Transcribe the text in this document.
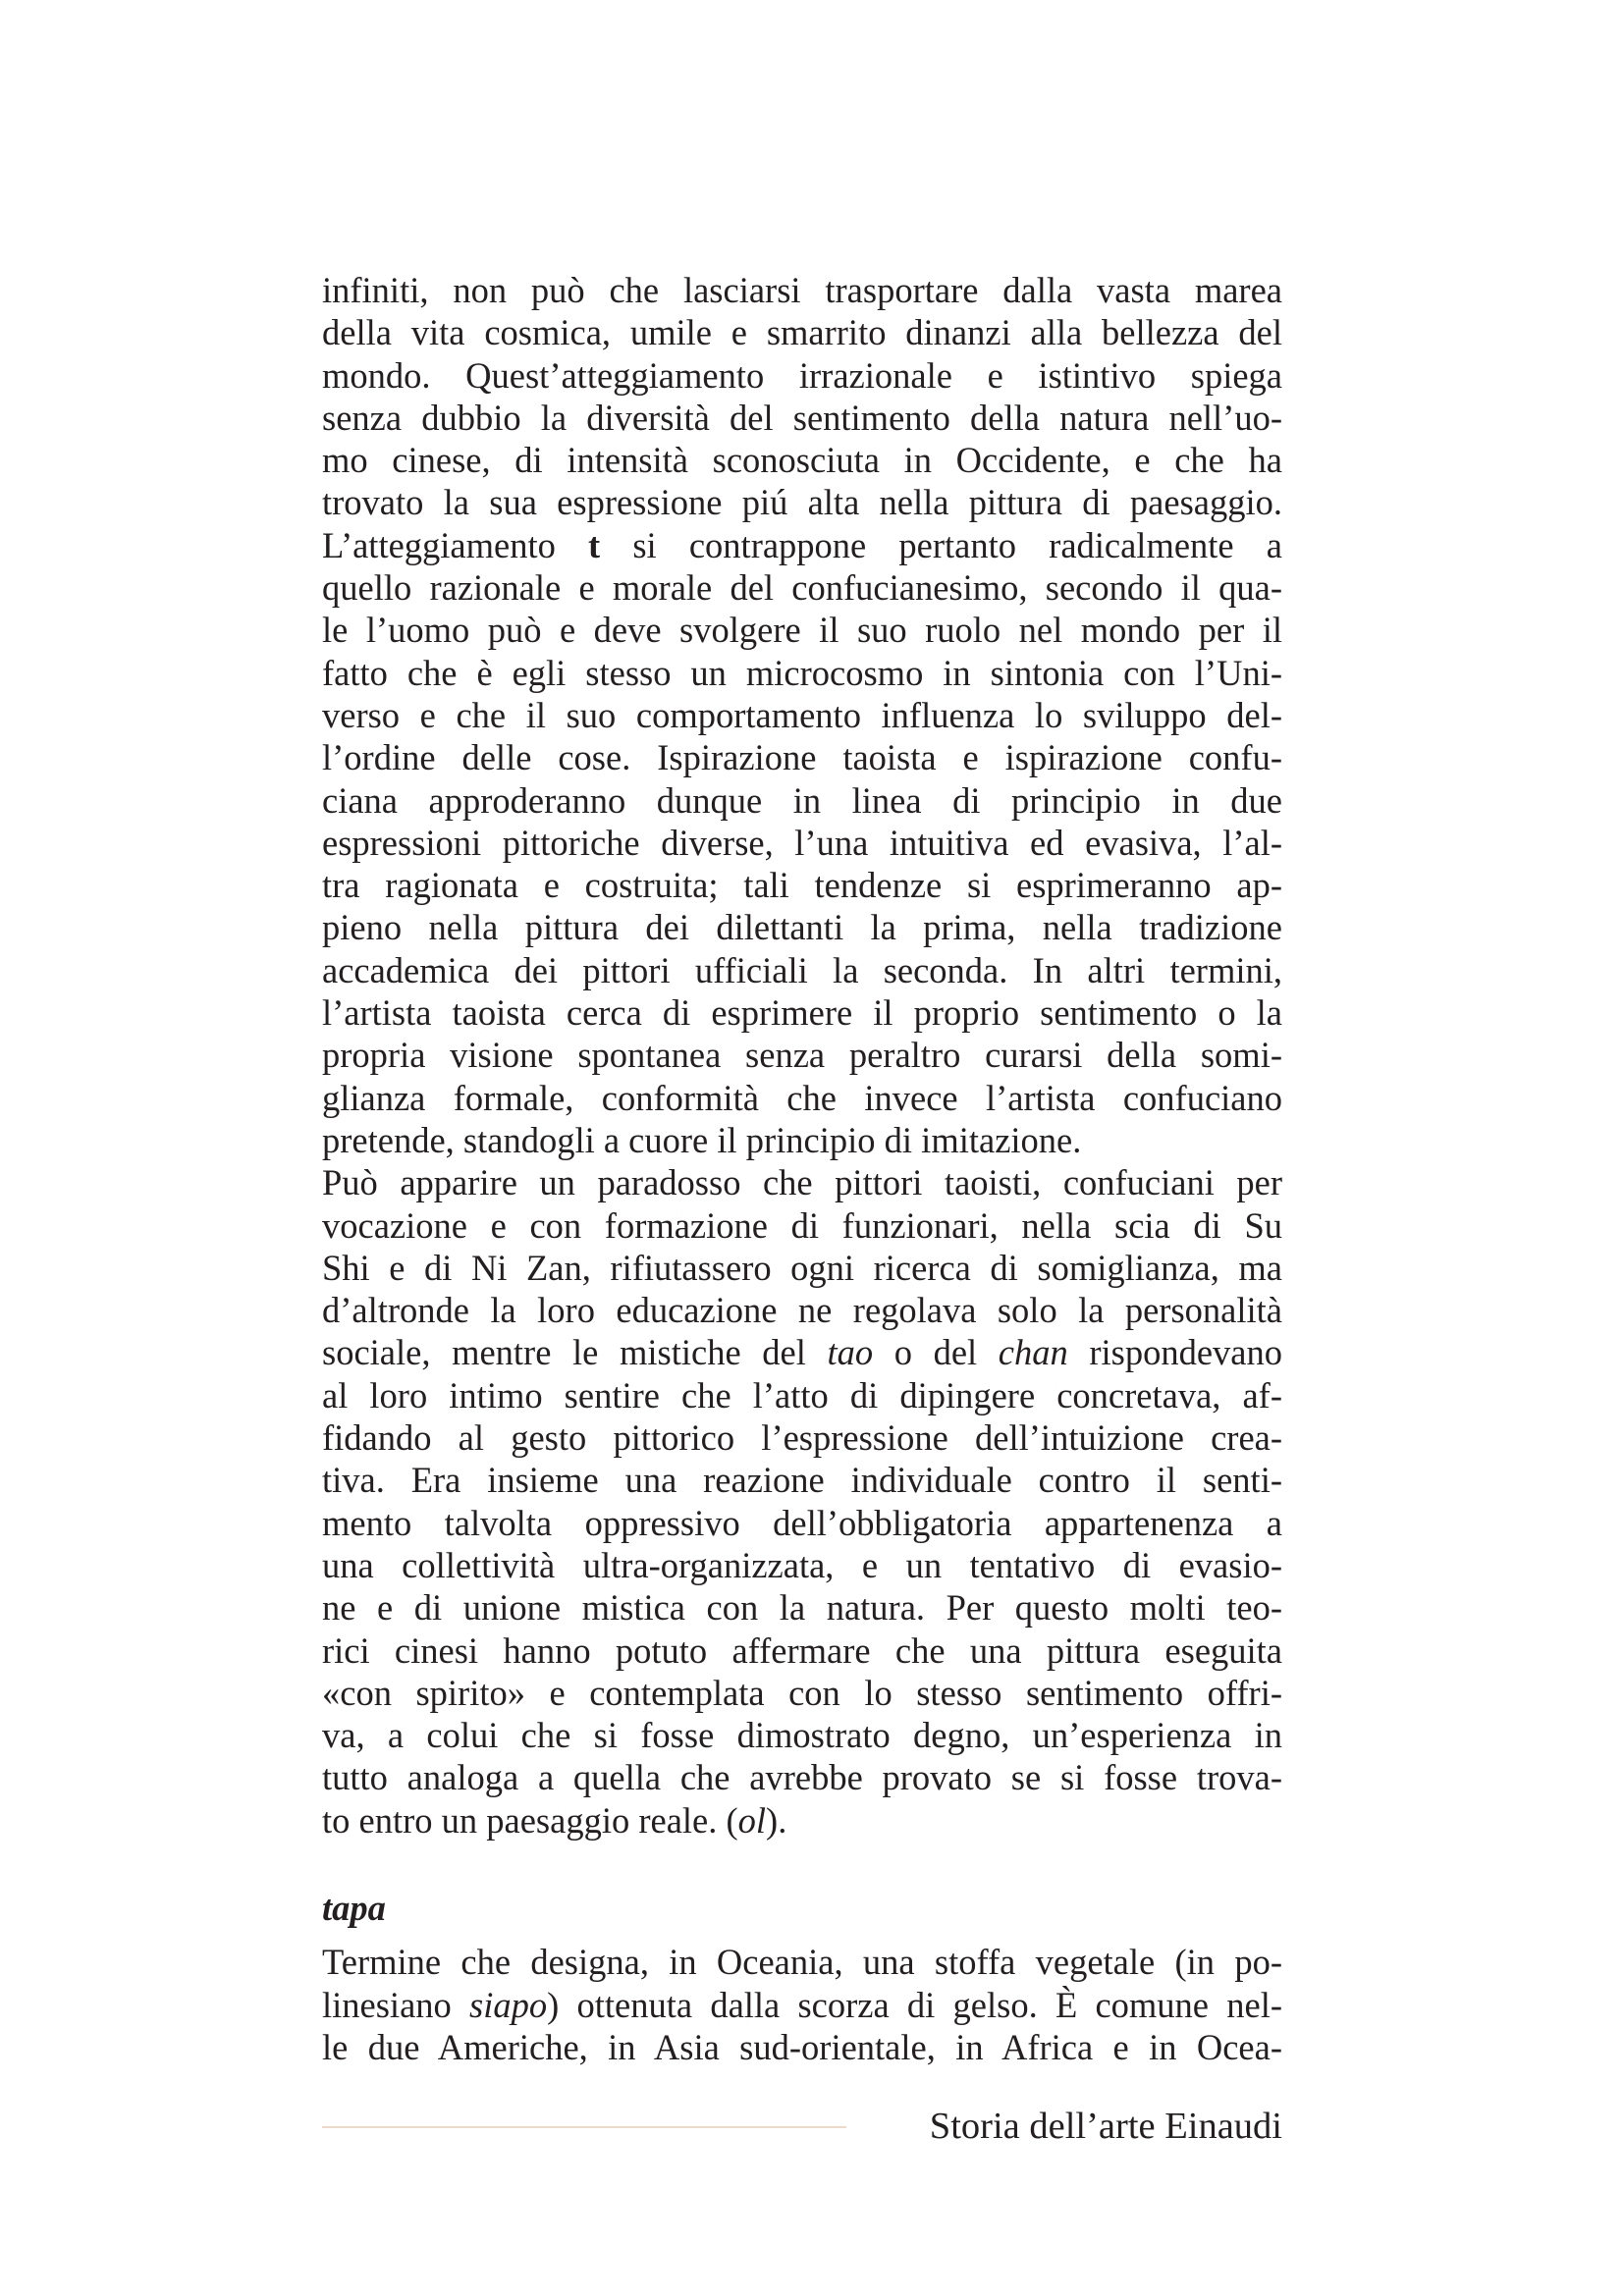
infiniti, non può che lasciarsi trasportare dalla vasta marea
della vita cosmica, umile e smarrito dinanzi alla bellezza del
mondo. Quest’atteggiamento irrazionale e istintivo spiega
senza dubbio la diversità del sentimento della natura nell’uo-
mo cinese, di intensità sconosciuta in Occidente, e che ha
trovato la sua espressione piú alta nella pittura di paesaggio.
L’atteggiamento t si contrappone pertanto radicalmente a
quello razionale e morale del confucianesimo, secondo il qua-
le l’uomo può e deve svolgere il suo ruolo nel mondo per il
fatto che è egli stesso un microcosmo in sintonia con l’Uni-
verso e che il suo comportamento influenza lo sviluppo del-
l’ordine delle cose. Ispirazione taoista e ispirazione confu-
ciana approderanno dunque in linea di principio in due
espressioni pittoriche diverse, l’una intuitiva ed evasiva, l’al-
tra ragionata e costruita; tali tendenze si esprimeranno ap-
pieno nella pittura dei dilettanti la prima, nella tradizione
accademica dei pittori ufficiali la seconda. In altri termini,
l’artista taoista cerca di esprimere il proprio sentimento o la
propria visione spontanea senza peraltro curarsi della somi-
glianza formale, conformità che invece l’artista confuciano
pretende, standogli a cuore il principio di imitazione.
Può apparire un paradosso che pittori taoisti, confuciani per
vocazione e con formazione di funzionari, nella scia di Su
Shi e di Ni Zan, rifiutassero ogni ricerca di somiglianza, ma
d’altronde la loro educazione ne regolava solo la personalità
sociale, mentre le mistiche del tao o del chan rispondevano
al loro intimo sentire che l’atto di dipingere concretava, af-
fidando al gesto pittorico l’espressione dell’intuizione crea-
tiva. Era insieme una reazione individuale contro il senti-
mento talvolta oppressivo dell’obbligatoria appartenenza a
una collettività ultra-organizzata, e un tentativo di evasio-
ne e di unione mistica con la natura. Per questo molti teo-
rici cinesi hanno potuto affermare che una pittura eseguita
«con spirito» e contemplata con lo stesso sentimento offri-
va, a colui che si fosse dimostrato degno, un’esperienza in
tutto analoga a quella che avrebbe provato se si fosse trova-
to entro un paesaggio reale. (ol).
tapa
Termine che designa, in Oceania, una stoffa vegetale (in po-
linesiano siapo) ottenuta dalla scorza di gelso. È comune nel-
le due Americhe, in Asia sud-orientale, in Africa e in Ocea-
Storia dell’arte Einaudi
